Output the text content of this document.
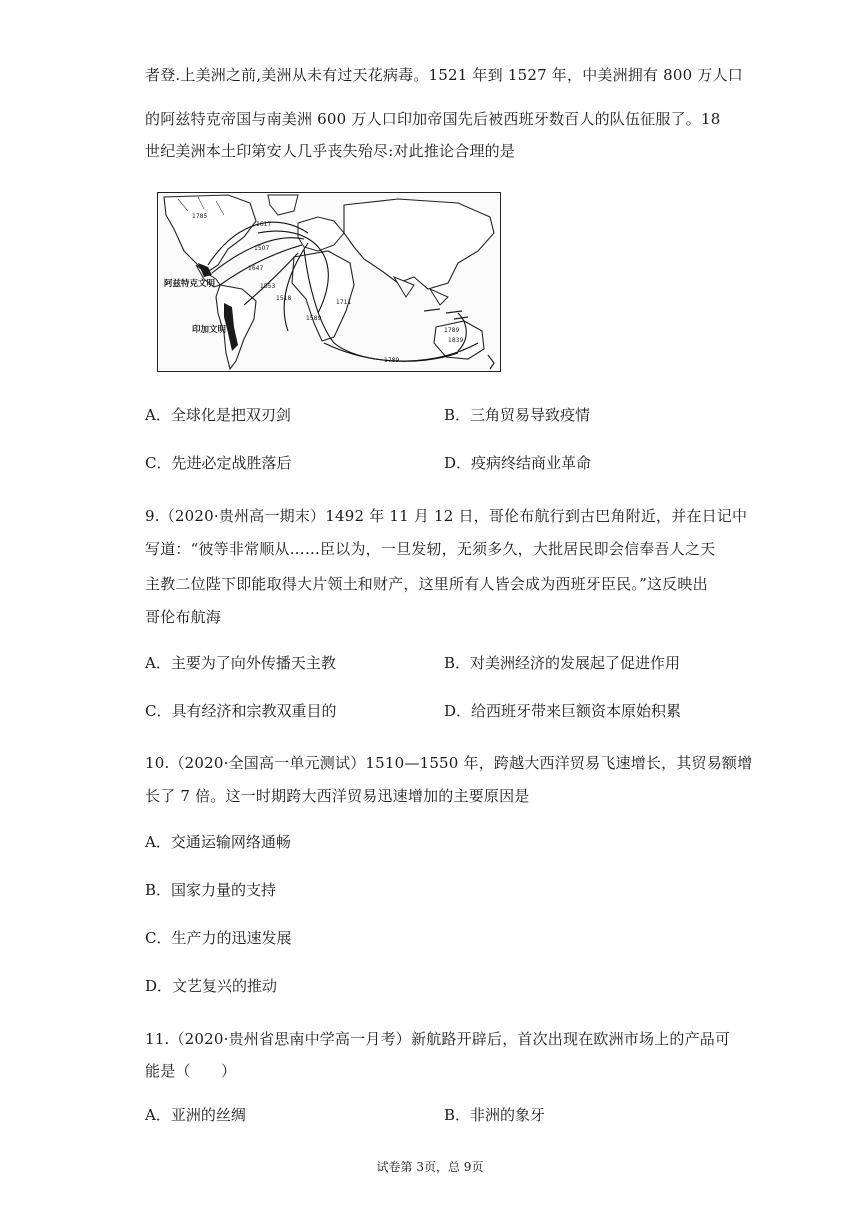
者登.上美洲之前,美洲从未有过天花病毒。1521 年到 1527 年，中美洲拥有 800 万人口
的阿兹特克帝国与南美洲 600 万人口印加帝国先后被西班牙数百人的队伍征服了。18
世纪美洲本土印第安人几乎丧失殆尽:对此推论合理的是
阿兹特克文明
印加文明
1785
1617
1507
1647
1553
1518
1589
1711
1789
1839
1789
A．全球化是把双刃剑	B．三角贸易导致疫情
C．先进必定战胜落后	D．疫病终结商业革命
9.（2020·贵州高一期末）1492 年 11 月 12 日，哥伦布航行到古巴角附近，并在日记中
写道：“彼等非常顺从……臣以为，一旦发轫，无须多久，大批居民即会信奉吾人之天
主教二位陛下即能取得大片领土和财产，这里所有人皆会成为西班牙臣民。”这反映出
哥伦布航海
A．主要为了向外传播天主教	B．对美洲经济的发展起了促进作用
C．具有经济和宗教双重目的	D．给西班牙带来巨额资本原始积累
10.（2020·全国高一单元测试）1510—1550 年，跨越大西洋贸易飞速增长，其贸易额增
长了 7 倍。这一时期跨大西洋贸易迅速增加的主要原因是
A．交通运输网络通畅
B．国家力量的支持
C．生产力的迅速发展
D．文艺复兴的推动
11.（2020·贵州省思南中学高一月考）新航路开辟后，首次出现在欧洲市场上的产品可
能是（　　）
A．亚洲的丝绸	B．非洲的象牙
试卷第 3页，总 9页
